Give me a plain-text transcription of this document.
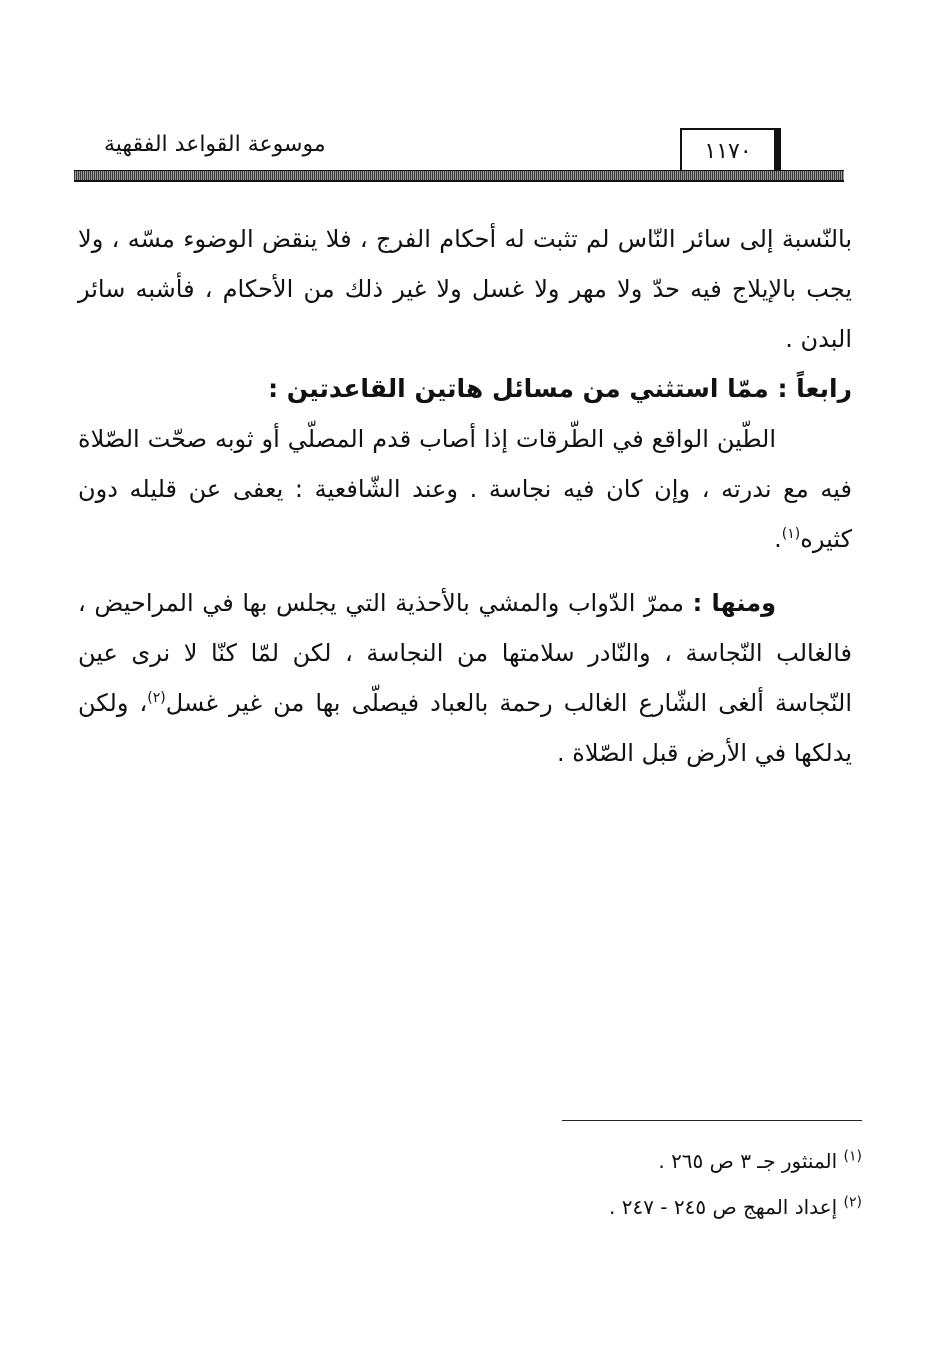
١١٧٠
موسوعة القواعد الفقهية

بالنّسبة إلى سائر النّاس لم تثبت له أحكام الفرج ، فلا ينقض الوضوء مسّه ، ولا يجب بالإيلاج فيه حدّ ولا مهر ولا غسل ولا غير ذلك من الأحكام ، فأشبه سائر البدن .

رابعاً : ممّا استثني من مسائل هاتين القاعدتين :

الطّين الواقع في الطّرقات إذا أصاب قدم المصلّي أو ثوبه صحّت الصّلاة فيه مع ندرته ، وإن كان فيه نجاسة . وعند الشّافعية : يعفى عن قليله دون كثيره$^{(١)}$.

ومنها : ممرّ الدّواب والمشي بالأحذية التي يجلس بها في المراحيض ، فالغالب النّجاسة ، والنّادر سلامتها من النجاسة ، لكن لمّا كنّا لا نرى عين النّجاسة ألغى الشّارع الغالب رحمة بالعباد فيصلّى بها من غير غسل$^{(٢)}$، ولكن يدلكها في الأرض قبل الصّلاة .

$^{(١)}$ المنثور جـ ٣ ص ٢٦٥ .

$^{(٢)}$ إعداد المهج ص ٢٤٥ - ٢٤٧ .
